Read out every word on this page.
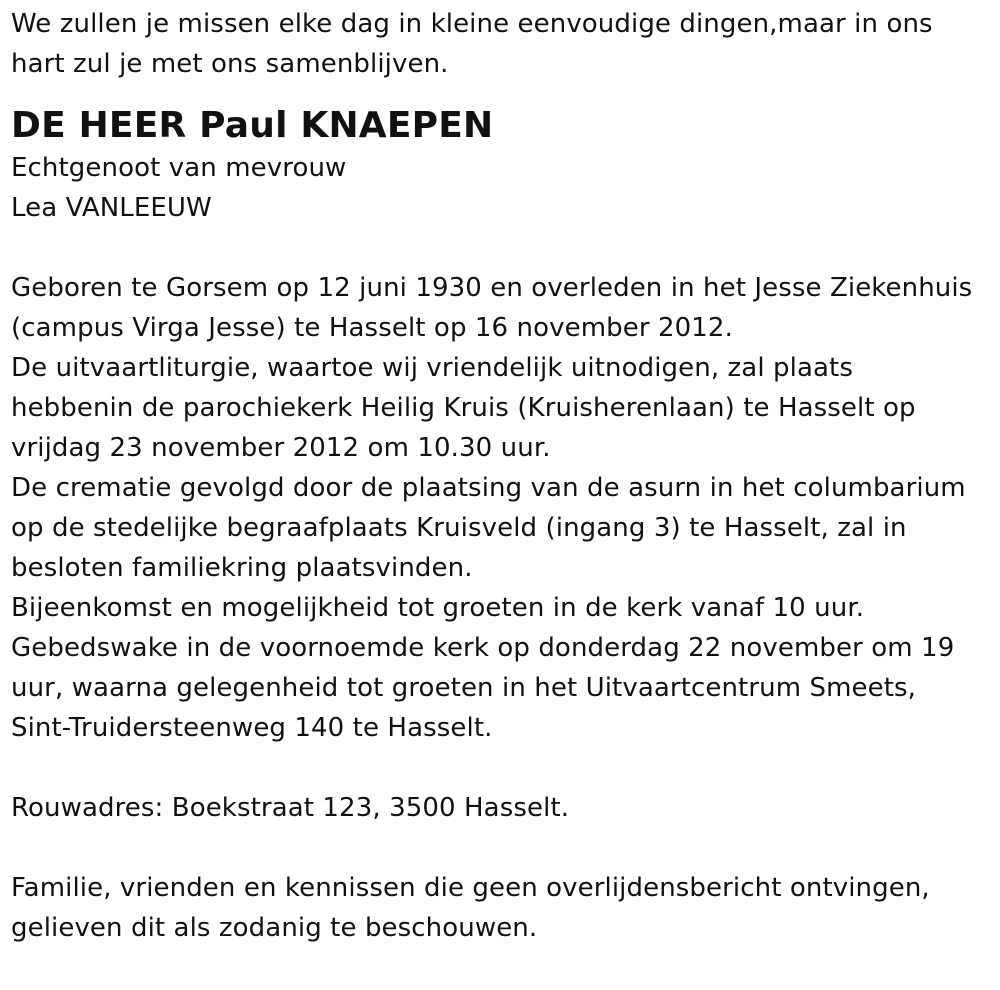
We zullen je missen elke dag in kleine eenvoudige dingen,maar in ons
hart zul je met ons samenblijven.
DE HEER Paul KNAEPEN
Echtgenoot van mevrouw
Lea VANLEEUW
Geboren te Gorsem op 12 juni 1930 en overleden in het Jesse Ziekenhuis
(campus Virga Jesse) te Hasselt op 16 november 2012.
De uitvaartliturgie, waartoe wij vriendelijk uitnodigen, zal plaats
hebbenin de parochiekerk Heilig Kruis (Kruisherenlaan) te Hasselt op
vrijdag 23 november 2012 om 10.30 uur.
De crematie gevolgd door de plaatsing van de asurn in het columbarium
op de stedelijke begraafplaats Kruisveld (ingang 3) te Hasselt, zal in
besloten familiekring plaatsvinden.
Bijeenkomst en mogelijkheid tot groeten in de kerk vanaf 10 uur.
Gebedswake in de voornoemde kerk op donderdag 22 november om 19
uur, waarna gelegenheid tot groeten in het Uitvaartcentrum Smeets,
Sint-Truidersteenweg 140 te Hasselt.
Rouwadres: Boekstraat 123, 3500 Hasselt.
Familie, vrienden en kennissen die geen overlijdensbericht ontvingen,
gelieven dit als zodanig te beschouwen.
